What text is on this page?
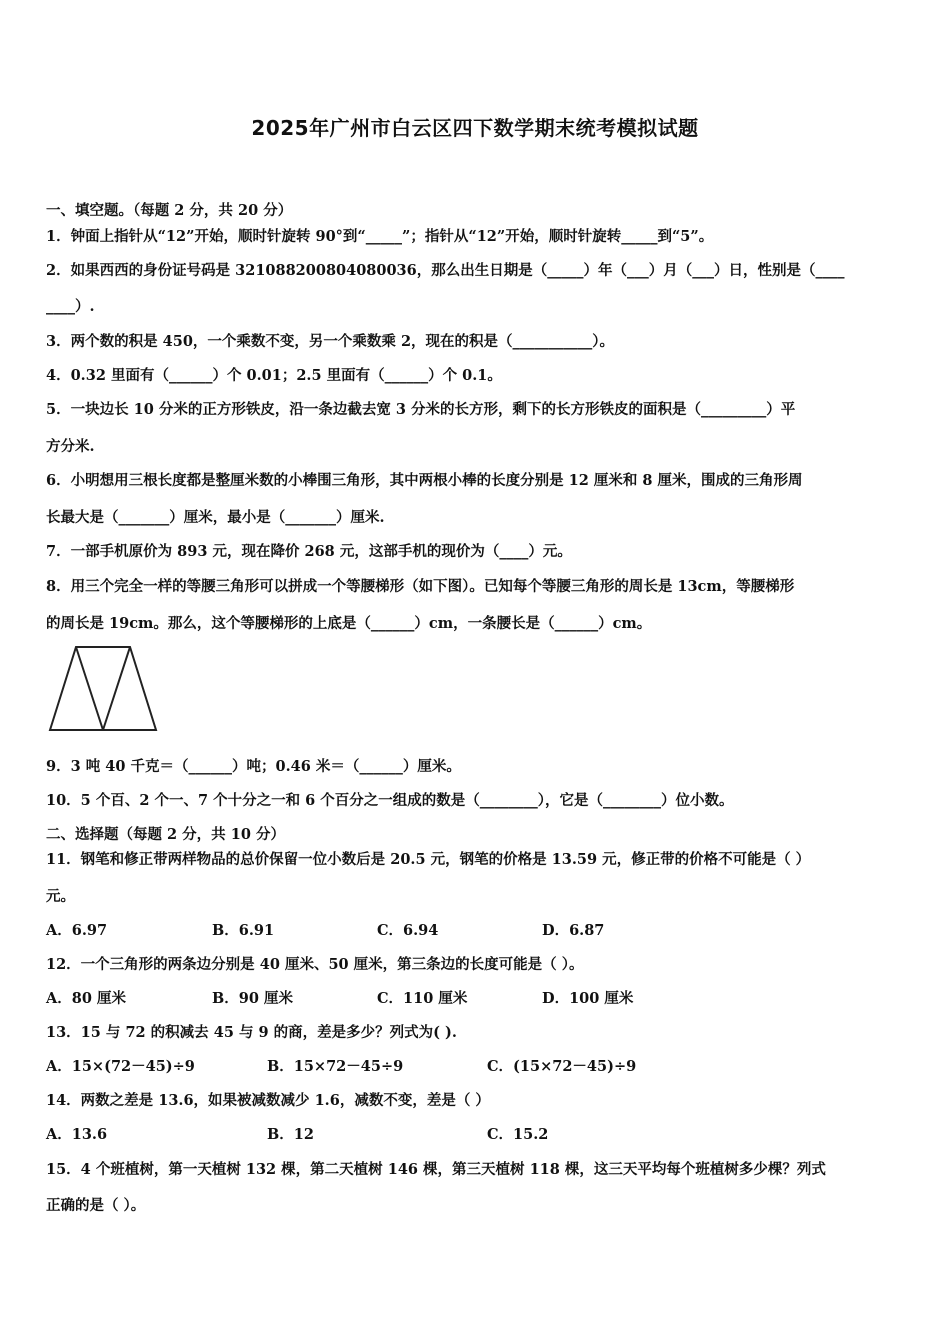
2025年广州市白云区四下数学期末统考模拟试题
一、填空题。（每题 2 分，共 20 分）
1．钟面上指针从“12”开始，顺时针旋转 90°到“_____”；指针从“12”开始，顺时针旋转_____到“5”。
2．如果西西的身份证号码是 321088200804080036，那么出生日期是（_____）年（___）月（___）日，性别是（____
____）.
3．两个数的积是 450，一个乘数不变，另一个乘数乘 2，现在的积是（___________）。
4．0.32 里面有（______）个 0.01；2.5 里面有（______）个 0.1。
5．一块边长 10 分米的正方形铁皮，沿一条边截去宽 3 分米的长方形，剩下的长方形铁皮的面积是（_________）平
方分米.
6．小明想用三根长度都是整厘米数的小棒围三角形，其中两根小棒的长度分别是 12 厘米和 8 厘米，围成的三角形周
长最大是（_______）厘米，最小是（_______）厘米.
7．一部手机原价为 893 元，现在降价 268 元，这部手机的现价为（____）元。
8．用三个完全一样的等腰三角形可以拼成一个等腰梯形（如下图）。已知每个等腰三角形的周长是 13cm，等腰梯形
的周长是 19cm。那么，这个等腰梯形的上底是（______）cm，一条腰长是（______）cm。
9．3 吨 40 千克＝（______）吨；0.46 米＝（______）厘米。
10．5 个百、2 个一、7 个十分之一和 6 个百分之一组成的数是（________），它是（________）位小数。
二、选择题（每题 2 分，共 10 分）
11．钢笔和修正带两样物品的总价保留一位小数后是 20.5 元，钢笔的价格是 13.59 元，修正带的价格不可能是（ ）
元。
A．6.97	B．6.91	C．6.94	D．6.87
12．一个三角形的两条边分别是 40 厘米、50 厘米，第三条边的长度可能是（ ）。
A．80 厘米	B．90 厘米	C．110 厘米	D．100 厘米
13．15 与 72 的积减去 45 与 9 的商，差是多少？列式为( ).
A．15×(72－45)÷9	B．15×72－45÷9	C．(15×72－45)÷9
14．两数之差是 13.6，如果被减数减少 1.6，减数不变，差是（ ）
A．13.6	B．12	C．15.2
15．4 个班植树，第一天植树 132 棵，第二天植树 146 棵，第三天植树 118 棵，这三天平均每个班植树多少棵？列式
正确的是（ ）。
